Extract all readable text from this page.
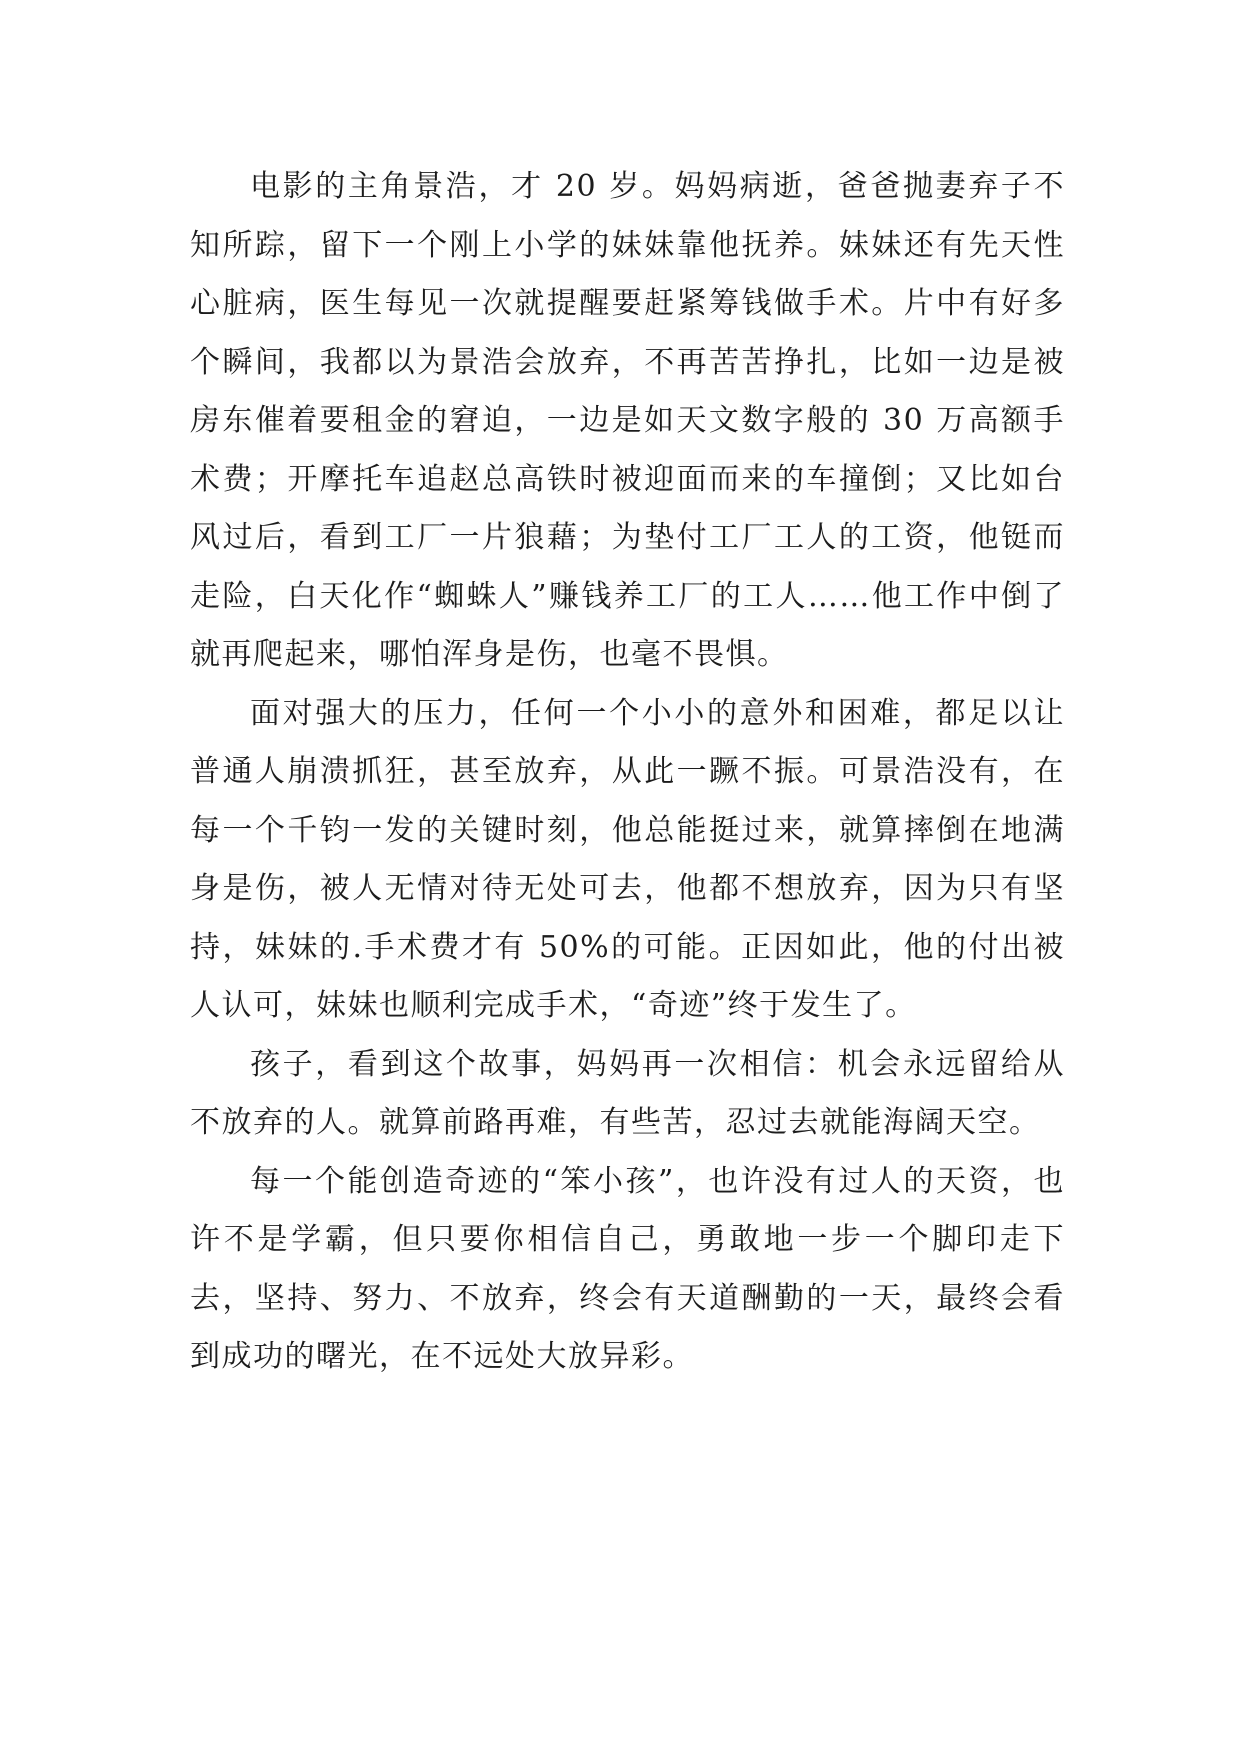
电影的主角景浩，才 20 岁。妈妈病逝，爸爸抛妻弃子不知所踪，留下一个刚上小学的妹妹靠他抚养。妹妹还有先天性心脏病，医生每见一次就提醒要赶紧筹钱做手术。片中有好多个瞬间，我都以为景浩会放弃，不再苦苦挣扎，比如一边是被房东催着要租金的窘迫，一边是如天文数字般的 30 万高额手术费；开摩托车追赵总高铁时被迎面而来的车撞倒；又比如台风过后，看到工厂一片狼藉；为垫付工厂工人的工资，他铤而走险，白天化作“蜘蛛人”赚钱养工厂的工人……他工作中倒了就再爬起来，哪怕浑身是伤，也毫不畏惧。

面对强大的压力，任何一个小小的意外和困难，都足以让普通人崩溃抓狂，甚至放弃，从此一蹶不振。可景浩没有，在每一个千钧一发的关键时刻，他总能挺过来，就算摔倒在地满身是伤，被人无情对待无处可去，他都不想放弃，因为只有坚持，妹妹的.手术费才有 50%的可能。正因如此，他的付出被人认可，妹妹也顺利完成手术，“奇迹”终于发生了。

孩子，看到这个故事，妈妈再一次相信：机会永远留给从不放弃的人。就算前路再难，有些苦，忍过去就能海阔天空。

每一个能创造奇迹的“笨小孩”，也许没有过人的天资，也许不是学霸，但只要你相信自己，勇敢地一步一个脚印走下去，坚持、努力、不放弃，终会有天道酬勤的一天，最终会看到成功的曙光，在不远处大放异彩。
